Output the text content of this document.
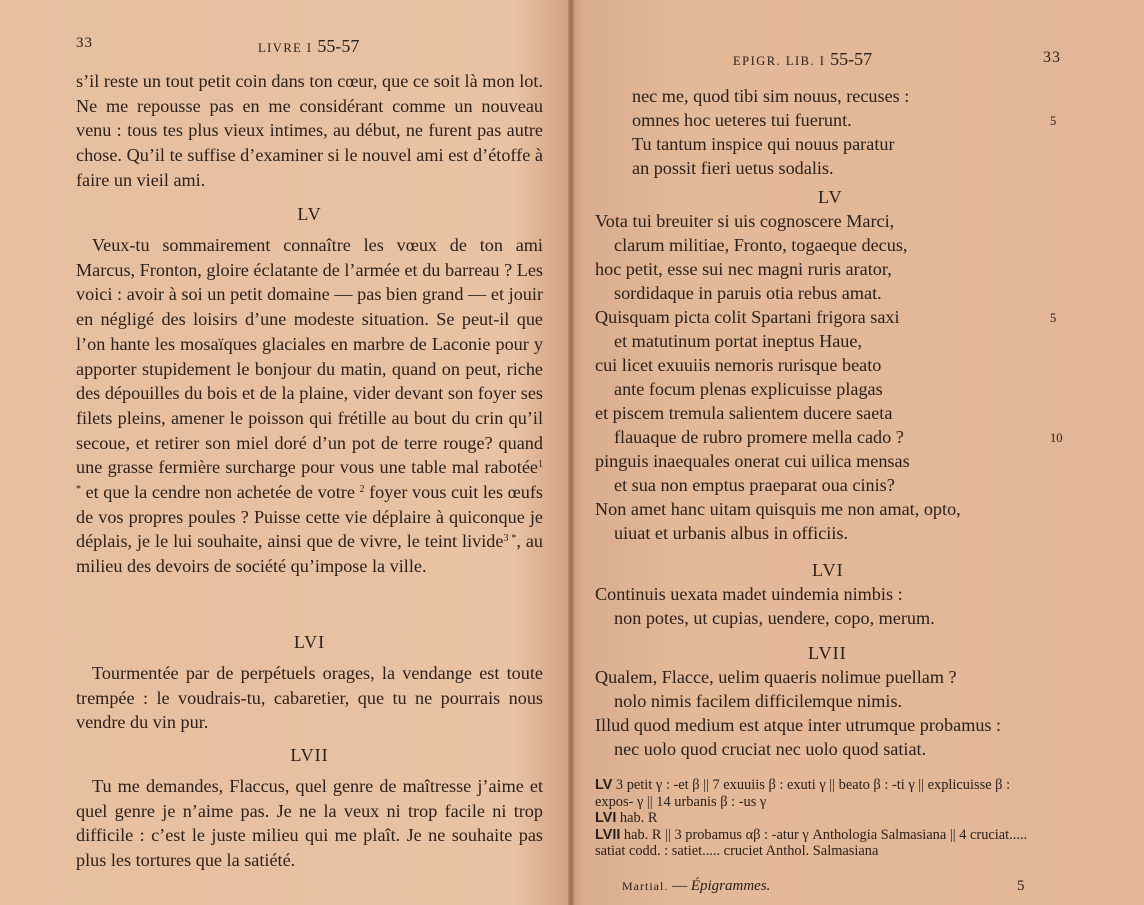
33	LIVRE I 55-57

s’il reste un tout petit coin dans ton cœur, que ce soit là mon lot. Ne me repousse pas en me considérant comme un nouveau venu : tous tes plus vieux intimes, au début, ne furent pas autre chose. Qu’il te suffise d’examiner si le nouvel ami est d’étoffe à faire un vieil ami.

LV

Veux-tu sommairement connaître les vœux de ton ami Marcus, Fronton, gloire éclatante de l’armée et du barreau ? Les voici : avoir à soi un petit domaine — pas bien grand — et jouir en négligé des loisirs d’une modeste situation. Se peut-il que l’on hante les mosaïques glaciales en marbre de Laconie pour y apporter stupidement le bonjour du matin, quand on peut, riche des dépouilles du bois et de la plaine, vider devant son foyer ses filets pleins, amener le poisson qui frétille au bout du crin qu’il secoue, et retirer son miel doré d’un pot de terre rouge? quand une grasse fermière surcharge pour vous une table mal rabotée$^{1 *}$ et que la cendre non achetée de votre $^2$ foyer vous cuit les œufs de vos propres poules ? Puisse cette vie déplaire à quiconque je déplais, je le lui souhaite, ainsi que de vivre, le teint livide$^{3 *}$, au milieu des devoirs de société qu’impose la ville.

LVI

Tourmentée par de perpétuels orages, la vendange est toute trempée : le voudrais-tu, cabaretier, que tu ne pourrais nous vendre du vin pur.

LVII

Tu me demandes, Flaccus, quel genre de maîtresse j’aime et quel genre je n’aime pas. Je ne la veux ni trop facile ni trop difficile : c’est le juste milieu qui me plaît. Je ne souhaite pas plus les tortures que la satiété.

EPIGR. LIB. I 55-57	33
LV
LVI
LVII
nec me, quod tibi sim nouus, recuses :
omnes hoc ueteres tui fuerunt.	5
Tu tantum inspice qui nouus paratur
an possit fieri uetus sodalis.
Vota tui breuiter si uis cognoscere Marci,
clarum militiae, Fronto, togaeque decus,
hoc petit, esse sui nec magni ruris arator,
sordidaque in paruis otia rebus amat.
Quisquam picta colit Spartani frigora saxi	5
et matutinum portat ineptus Haue,
cui licet exuuiis nemoris rurisque beato
ante focum plenas explicuisse plagas
et piscem tremula salientem ducere saeta
flauaque de rubro promere mella cado ?	10
pinguis inaequales onerat cui uilica mensas
et sua non emptus praeparat oua cinis?
Non amet hanc uitam quisquis me non amat, opto,
uiuat et urbanis albus in officiis.
Continuis uexata madet uindemia nimbis :
non potes, ut cupias, uendere, copo, merum.
Qualem, Flacce, uelim quaeris nolimue puellam ?
nolo nimis facilem difficilemque nimis.
Illud quod medium est atque inter utrumque probamus :
nec uolo quod cruciat nec uolo quod satiat.
LV 3 petit γ : -et β || 7 exuuiis β : exuti γ || beato β : -ti γ || explicuisse β : expos- γ || 14 urbanis β : -us γ
LVI hab. R
LVII hab. R || 3 probamus αβ : -atur γ Anthologia Salmasiana || 4 cruciat..... satiat codd. : satiet..... cruciet Anthol. Salmasiana
Martial. — Épigrammes.	5
